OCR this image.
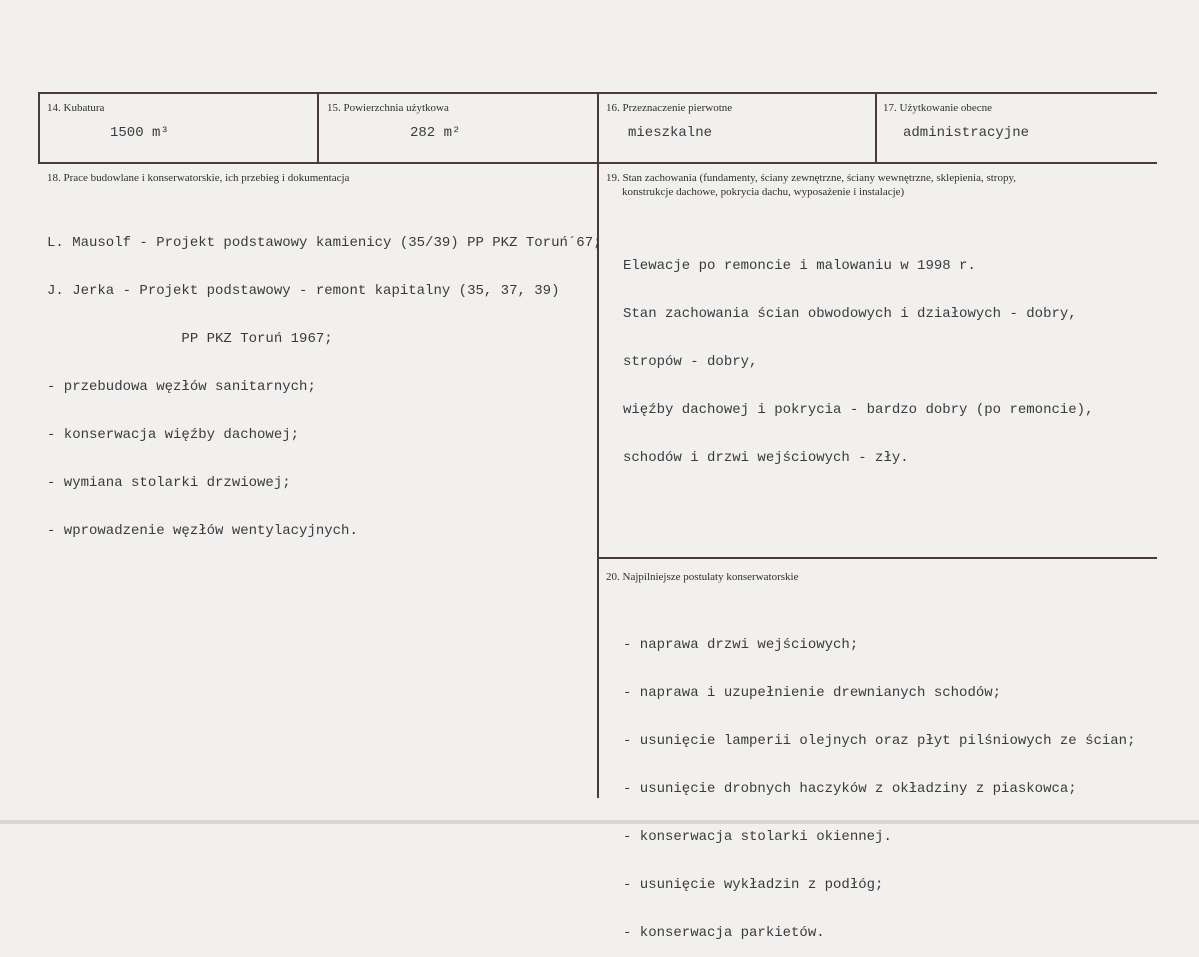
14. Kubatura
1500 m³
15. Powierzchnia użytkowa
282 m²
16. Przeznaczenie pierwotne
mieszkalne
17. Użytkowanie obecne
administracyjne
18. Prace budowlane i konserwatorskie, ich przebieg i dokumentacja

L. Mausolf - Projekt podstawowy kamienicy (35/39) PP PKZ Toruń´67;

J. Jerka - Projekt podstawowy - remont kapitalny (35, 37, 39)

PP PKZ Toruń 1967;

- przebudowa węzłów sanitarnych;

- konserwacja więźby dachowej;

- wymiana stolarki drzwiowej;

- wprowadzenie węzłów wentylacyjnych.

19. Stan zachowania (fundamenty, ściany zewnętrzne, ściany wewnętrzne, sklepienia, stropy,
konstrukcje dachowe, pokrycia dachu, wyposażenie i instalacje)

Elewacje po remoncie i malowaniu w 1998 r.

Stan zachowania ścian obwodowych i działowych - dobry,

stropów - dobry,

więźby dachowej i pokrycia - bardzo dobry (po remoncie),

schodów i drzwi wejściowych - zły.

20. Najpilniejsze postulaty konserwatorskie

- naprawa drzwi wejściowych;

- naprawa i uzupełnienie drewnianych schodów;

- usunięcie lamperii olejnych oraz płyt pilśniowych ze ścian;

- usunięcie drobnych haczyków z okładziny z piaskowca;

- konserwacja stolarki okiennej.

- usunięcie wykładzin z podłóg;

- konserwacja parkietów.
